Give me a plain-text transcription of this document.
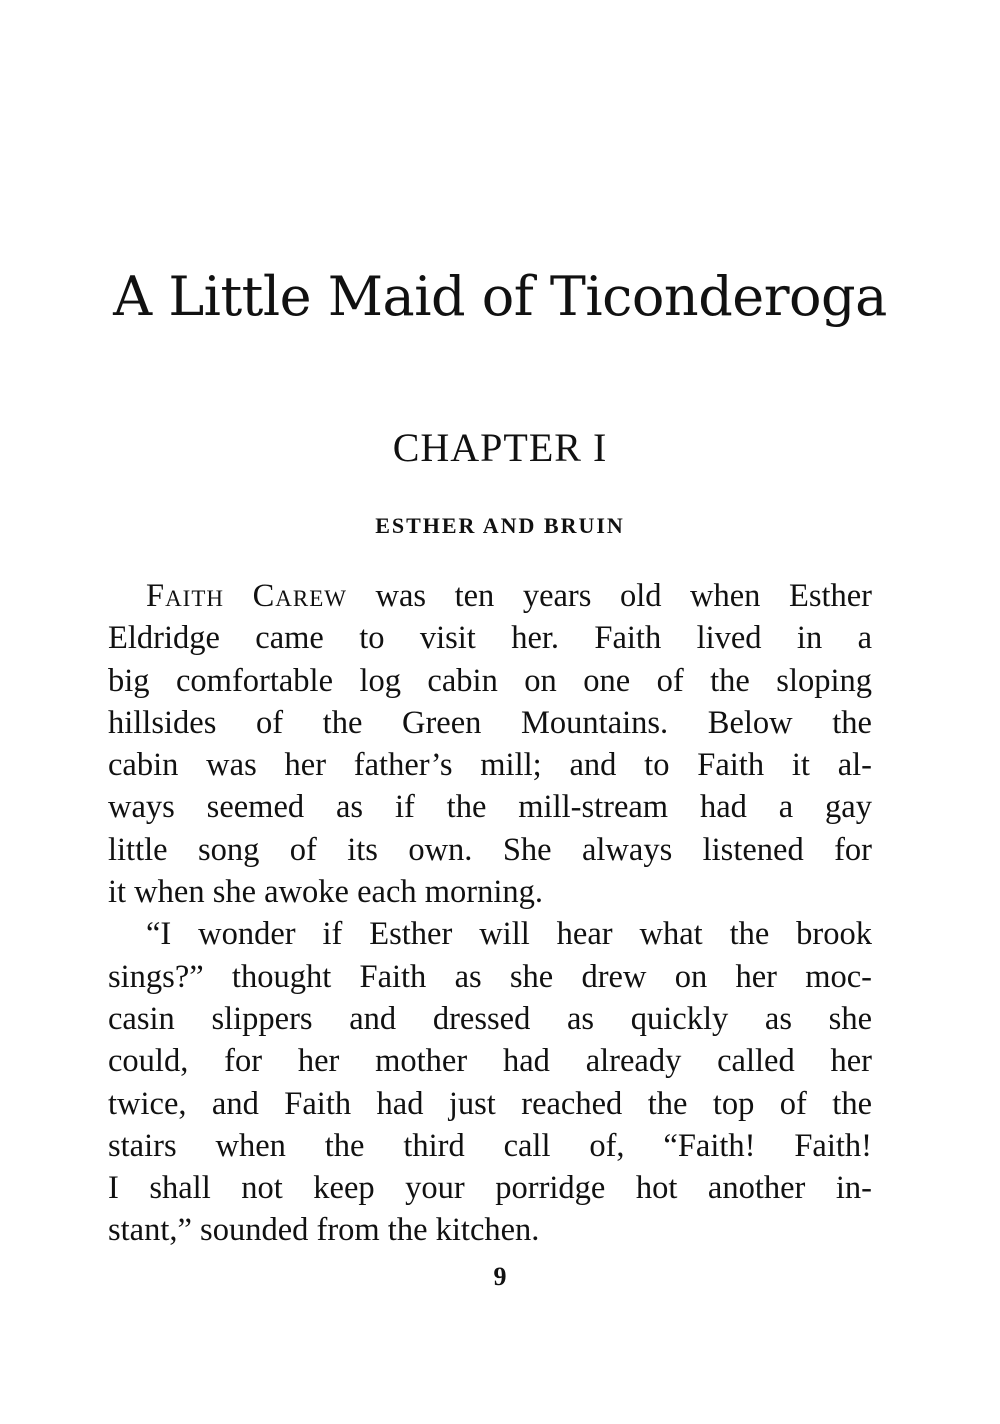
A Little Maid of Ticonderoga
CHAPTER I
ESTHER AND BRUIN
Faith Carew was ten years old when Esther
Eldridge came to visit her. Faith lived in a
big comfortable log cabin on one of the sloping
hillsides of the Green Mountains. Below the
cabin was her father’s mill; and to Faith it al-
ways seemed as if the mill-stream had a gay
little song of its own. She always listened for
it when she awoke each morning.
“I wonder if Esther will hear what the brook
sings?” thought Faith as she drew on her moc-
casin slippers and dressed as quickly as she
could, for her mother had already called her
twice, and Faith had just reached the top of the
stairs when the third call of, “Faith! Faith!
I shall not keep your porridge hot another in-
stant,” sounded from the kitchen.
9
